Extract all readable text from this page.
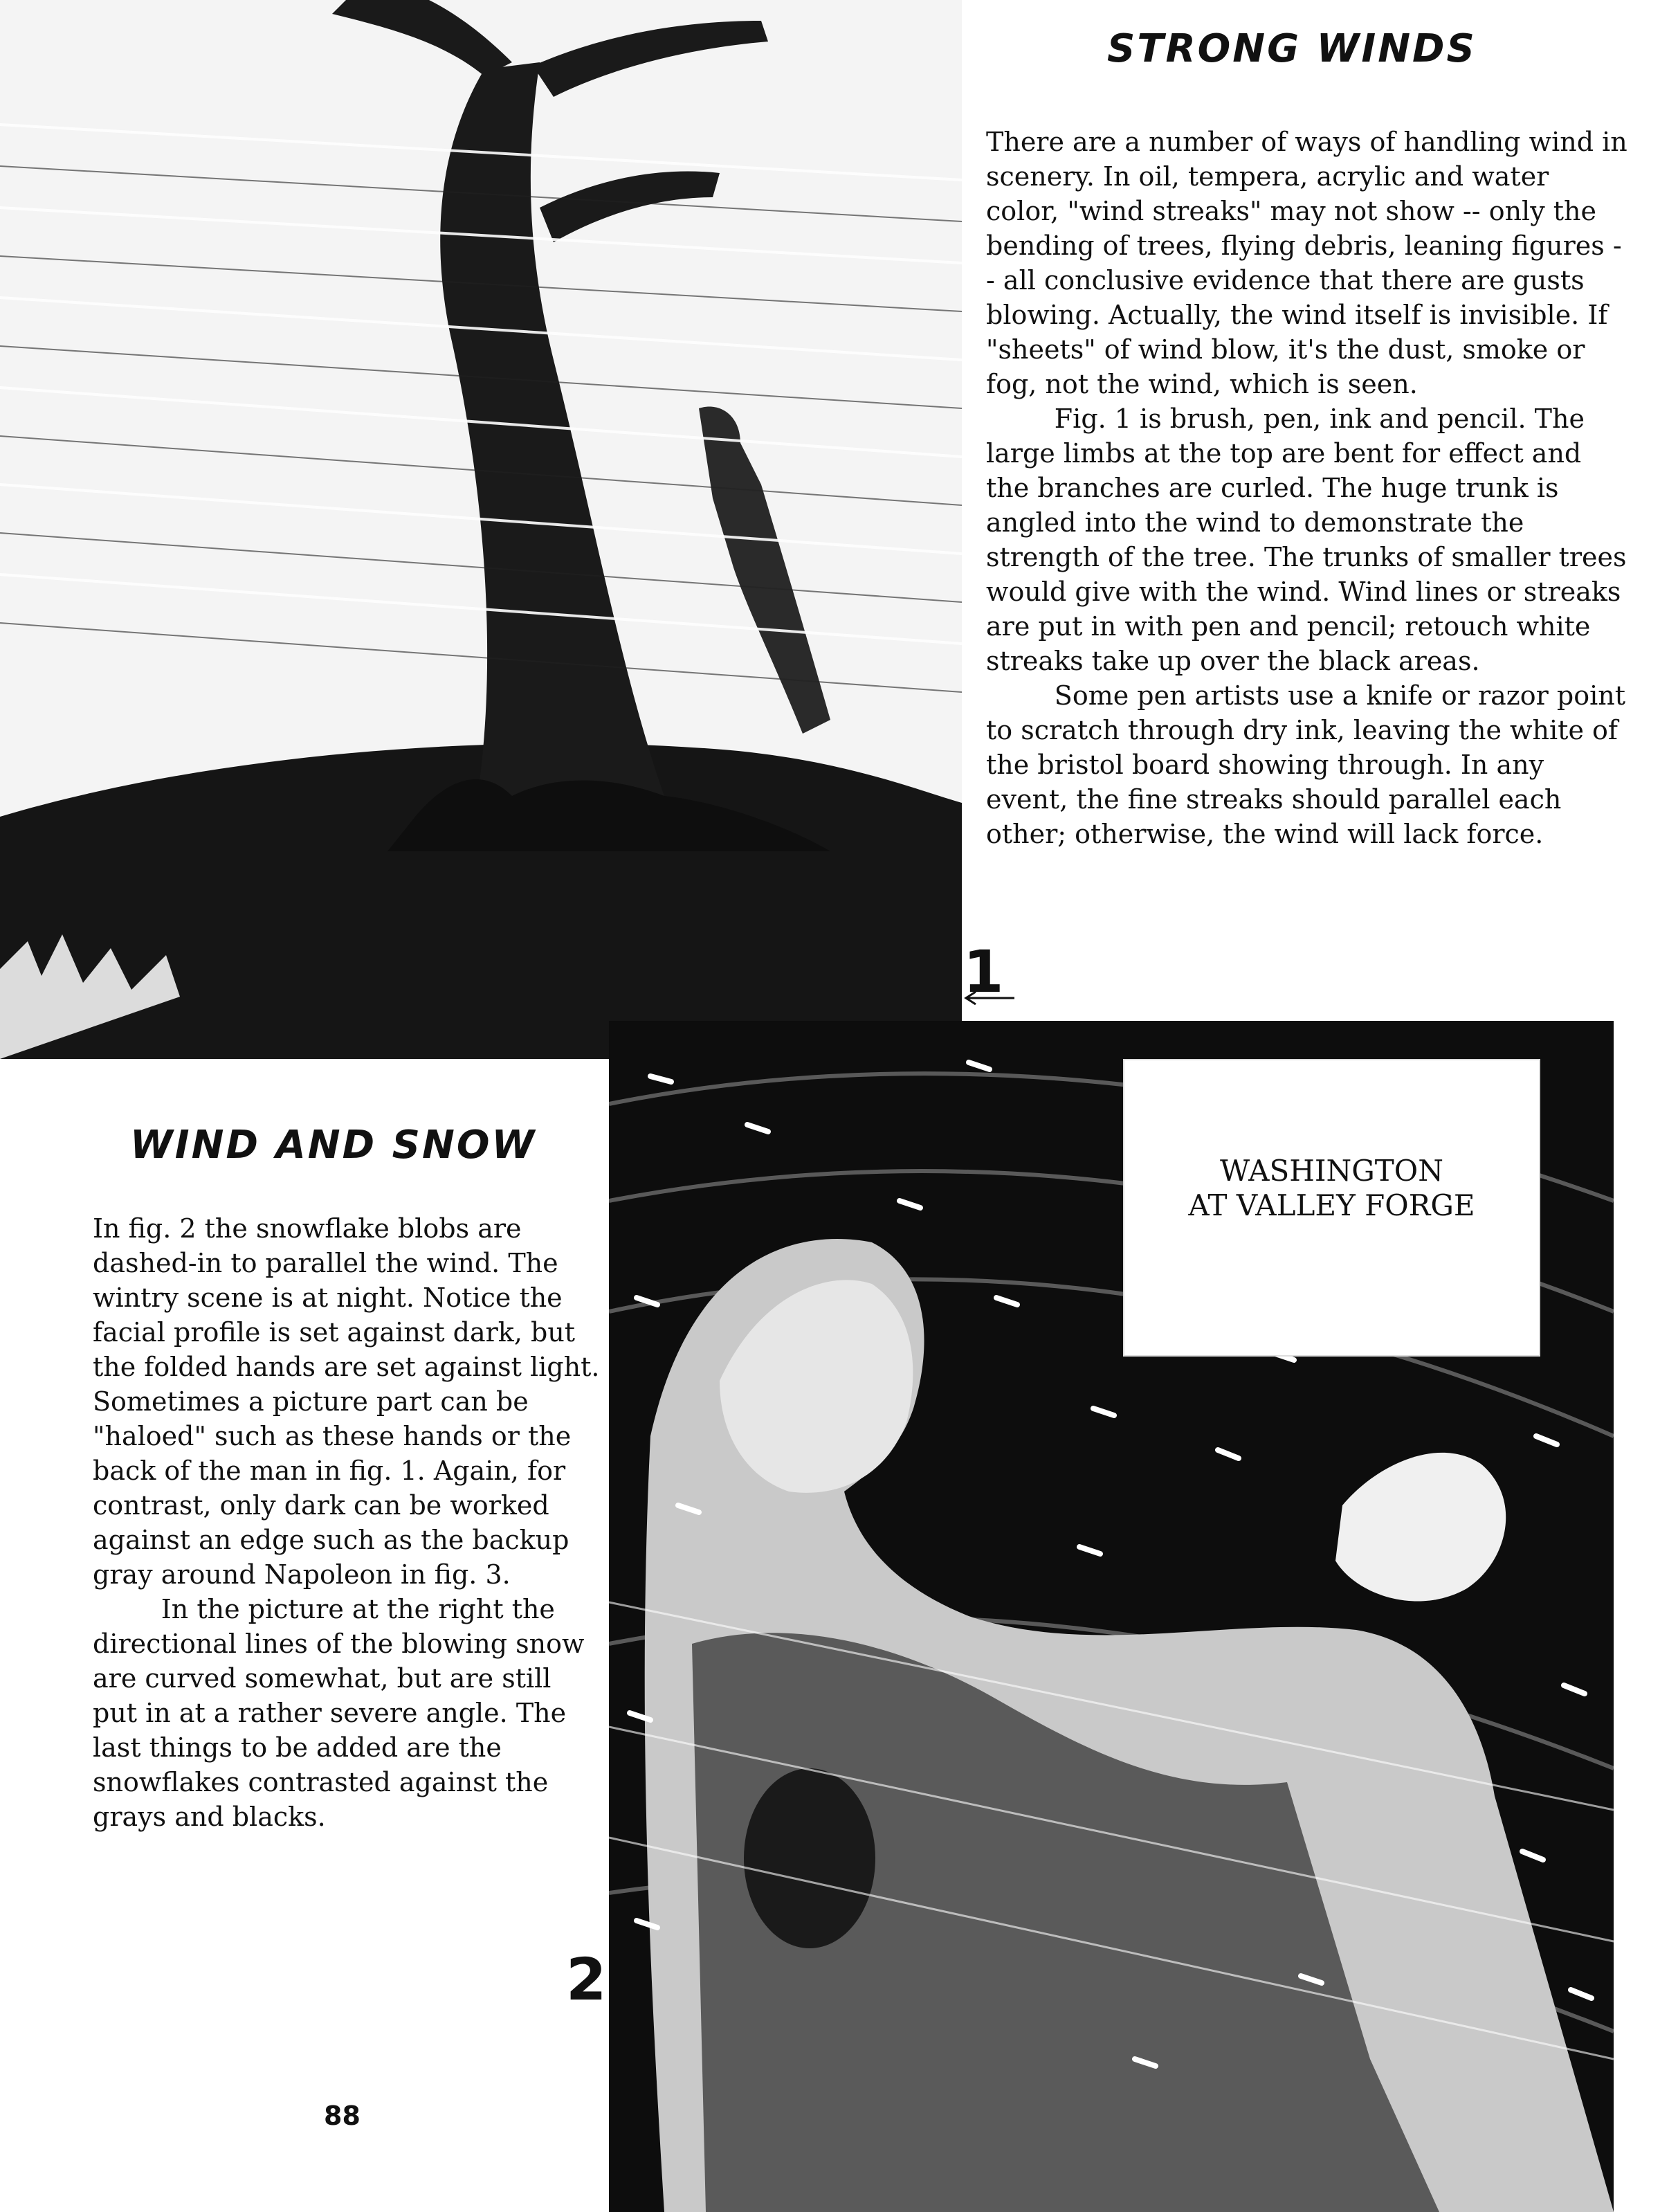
STRONG WINDS

There are a number of ways of handling wind in scenery. In oil, tempera, acrylic and water color, "wind streaks" may not show -- only the bending of trees, flying debris, leaning figures -- all conclusive evidence that there are gusts blowing. Actually, the wind itself is invisible. If "sheets" of wind blow, it's the dust, smoke or fog, not the wind, which is seen.

Fig. 1 is brush, pen, ink and pencil. The large limbs at the top are bent for effect and the branches are curled. The huge trunk is angled into the wind to demonstrate the strength of the tree. The trunks of smaller trees would give with the wind. Wind lines or streaks are put in with pen and pencil; retouch white streaks take up over the black areas.

Some pen artists use a knife or razor point to scratch through dry ink, leaving the white of the bristol board showing through. In any event, the fine streaks should parallel each other; otherwise, the wind will lack force.

1
WASHINGTON
AT VALLEY FORGE
2
WIND AND SNOW

In fig. 2 the snowflake blobs are dashed-in to parallel the wind. The wintry scene is at night. Notice the facial profile is set against dark, but the folded hands are set against light. Sometimes a picture part can be "haloed" such as these hands or the back of the man in fig. 1. Again, for contrast, only dark can be worked against an edge such as the backup gray around Napoleon in fig. 3.

In the picture at the right the directional lines of the blowing snow are curved somewhat, but are still put in at a rather severe angle. The last things to be added are the snowflakes contrasted against the grays and blacks.

88
